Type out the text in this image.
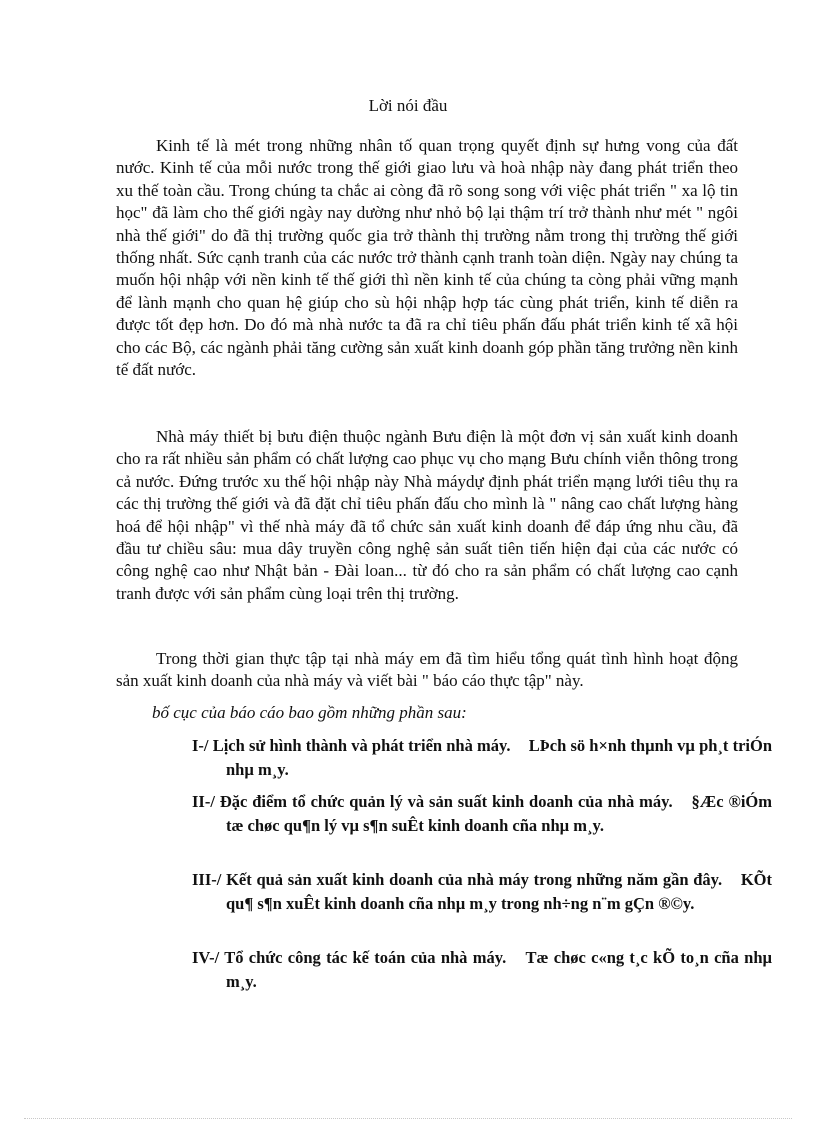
Lời nói đầu

Kinh tế là mét trong những nhân tố quan trọng quyết định sự hưng vong của đất nước. Kinh tế của mỗi nước trong thế giới giao lưu và hoà nhập này đang phát triển theo xu thế toàn cầu. Trong chúng ta chắc ai còng đã rõ song song với việc phát triển " xa lộ tin học" đã làm cho thế giới ngày nay dường như nhỏ bộ lại thậm trí trở thành như mét " ngôi nhà thế giới" do đã thị trường quốc gia trở thành thị trường nằm trong thị trường thế giới thống nhất. Sức cạnh tranh của các nước trở thành cạnh tranh toàn diện. Ngày nay chúng ta muốn hội nhập với nền kinh tế thế giới thì nền kinh tế của chúng ta còng phải vững mạnh để lành mạnh cho quan hệ giúp cho sù hội nhập hợp tác cùng phát triển, kinh tế diễn ra được tốt đẹp hơn. Do đó mà nhà nước ta đã ra chỉ tiêu phấn đấu phát triển kinh tế xã hội cho các Bộ, các ngành phải tăng cường sản xuất kinh doanh góp phần tăng trưởng nền kinh tế đất nước.

Nhà máy thiết bị bưu điện thuộc ngành Bưu điện là một đơn vị sản xuất kinh doanh cho ra rất nhiều sản phẩm có chất lượng cao phục vụ cho mạng Bưu chính viễn thông trong cả nước. Đứng trước xu thế hội nhập này Nhà máydự định phát triển mạng lưới tiêu thụ ra các thị trường thế giới và đã đặt chỉ tiêu phấn đấu cho mình là " nâng cao chất lượng hàng hoá để hội nhập" vì thế nhà máy đã tổ chức sản xuất kinh doanh để đáp ứng nhu cầu, đã đầu tư chiều sâu: mua dây truyền công nghệ sản suất tiên tiến hiện đại của các nước có công nghệ cao như Nhật bản - Đài loan... từ đó cho ra sản phẩm có chất lượng cao cạnh tranh được với sản phẩm cùng loại trên thị trường.

Trong thời gian thực tập tại nhà máy em đã tìm hiểu tổng quát tình hình hoạt động sản xuất kinh doanh của nhà máy và viết bài " báo cáo thực tập" này.

bố cục của báo cáo bao gồm những phần sau:

I-/ Lịch sử hình thành và phát triển nhà máy. LÞch sö h×nh thµnh vµ ph¸t triÓn nhµ m¸y.

II-/ Đặc điểm tổ chức quản lý và sản suất kinh doanh của nhà máy. §Æc ®iÓm tæ chøc qu¶n lý vµ s¶n suÊt kinh doanh cña nhµ m¸y.

III-/ Kết quả sản xuất kinh doanh của nhà máy trong những năm gần đây. KÕt qu¶ s¶n xuÊt kinh doanh cña nhµ m¸y trong nh÷ng n¨m gÇn ®©y.

IV-/ Tổ chức công tác kế toán của nhà máy. Tæ chøc c«ng t¸c kÕ to¸n cña nhµ m¸y.
